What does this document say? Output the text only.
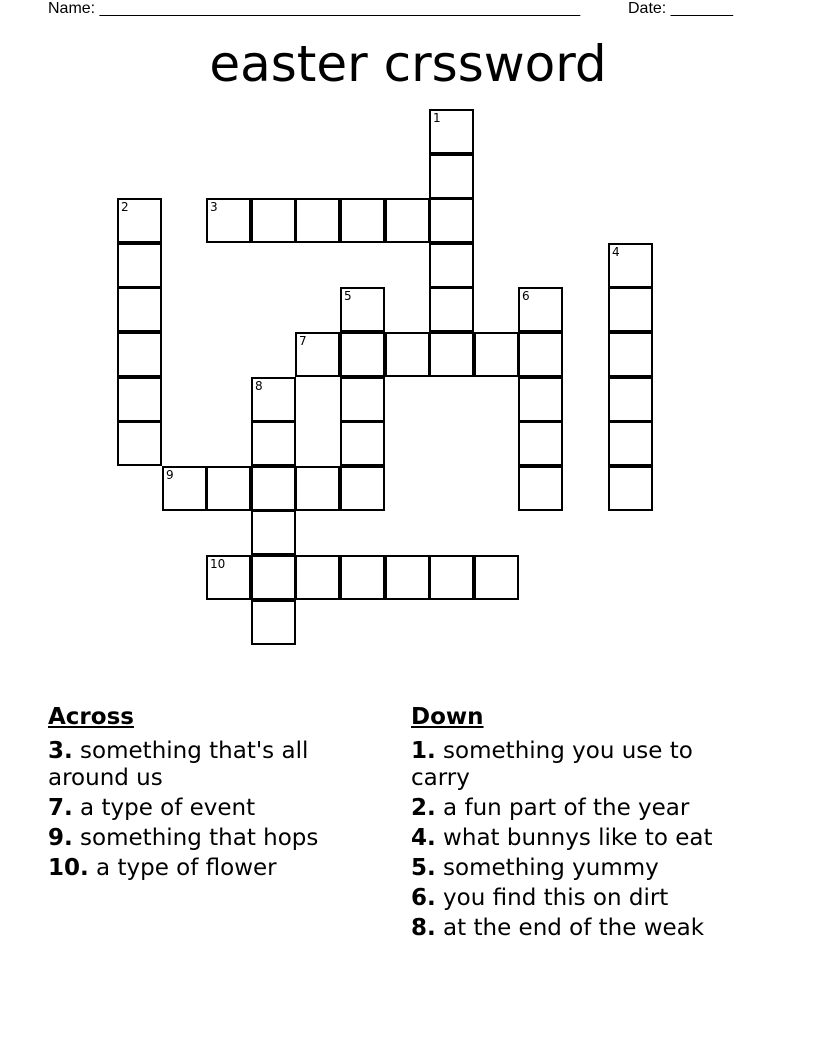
Name: ______________________________________________________	Date: _______
easter crssword
1
2	3
4
5	6
7
8
9
10
Across
3. something that's all around us
7. a type of event
9. something that hops
10. a type of flower
Down
1. something you use to carry
2. a fun part of the year
4. what bunnys like to eat
5. something yummy
6. you find this on dirt
8. at the end of the weak
